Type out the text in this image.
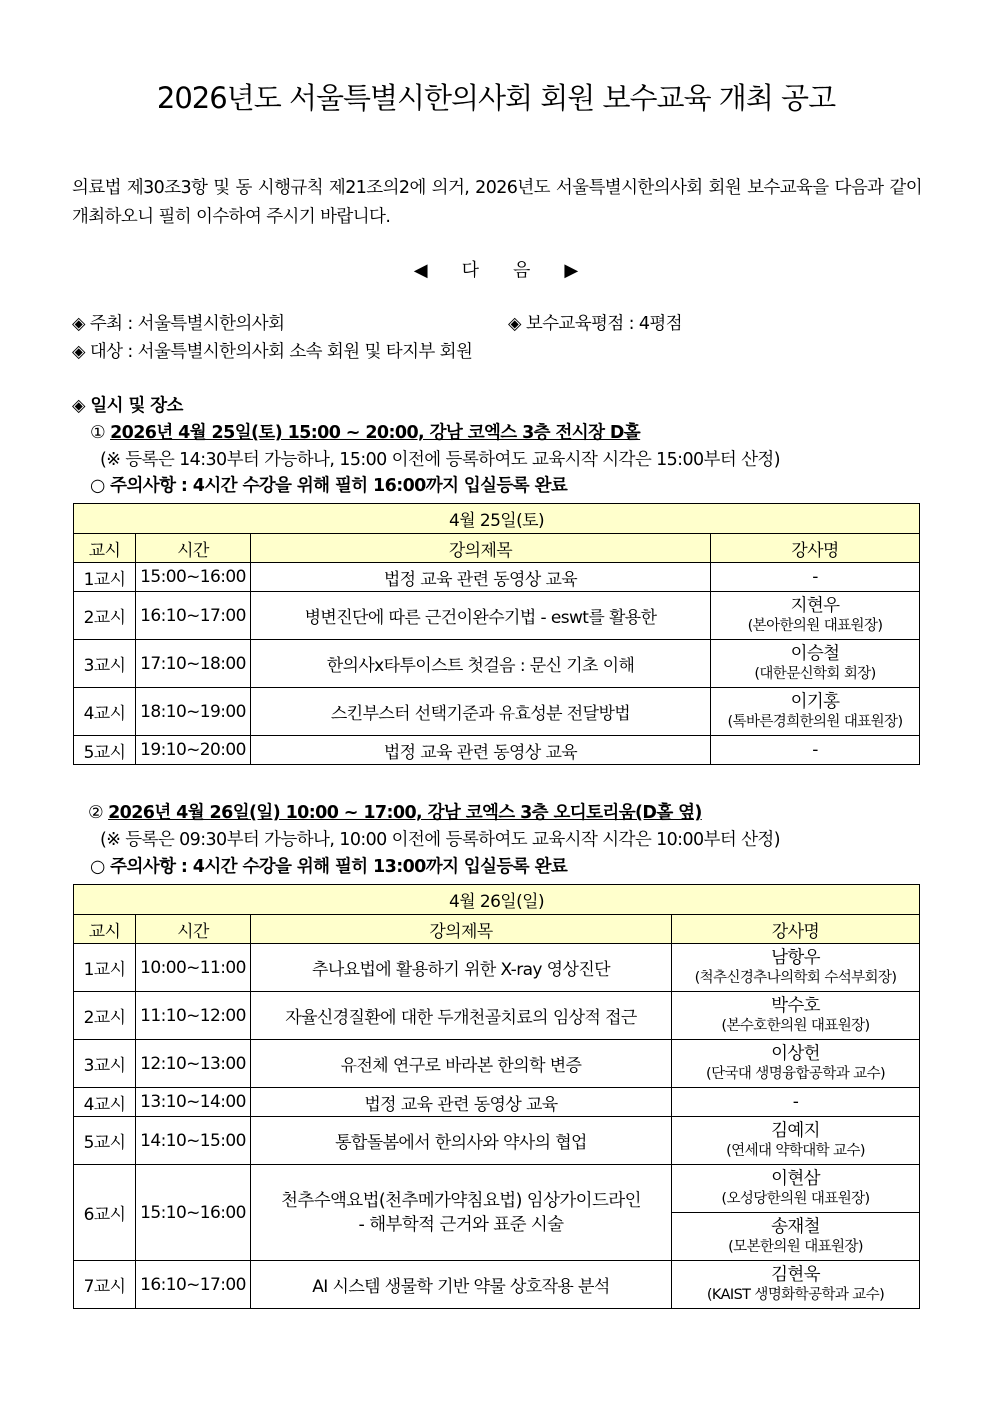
2026년도 서울특별시한의사회 회원 보수교육 개최 공고
의료법 제30조3항 및 동 시행규칙 제21조의2에 의거, 2026년도 서울특별시한의사회 회원 보수교육을 다음과 같이 개최하오니 필히 이수하여 주시기 바랍니다.
◀ 다 음 ▶
◈ 주최 : 서울특별시한의사회	◈ 보수교육평점 : 4평점
◈ 대상 : 서울특별시한의사회 소속 회원 및 타지부 회원
◈ 일시 및 장소
① 2026년 4월 25일(토) 15:00 ~ 20:00, 강남 코엑스 3층 전시장 D홀
(※ 등록은 14:30부터 가능하나, 15:00 이전에 등록하여도 교육시작 시각은 15:00부터 산정)
○ 주의사항 : 4시간 수강을 위해 필히 16:00까지 입실등록 완료
4월 25일(토)			
교시	시간	강의제목	강사명
1교시	15:00~16:00	법정 교육 관련 동영상 교육	-
2교시	16:10~17:00	병변진단에 따른 근건이완수기법 - eswt를 활용한	지현우
(본아한의원 대표원장)

3교시	17:10~18:00	한의사x타투이스트 첫걸음 : 문신 기초 이해	이승철
(대한문신학회 회장)

4교시	18:10~19:00	스킨부스터 선택기준과 유효성분 전달방법	이기홍
(톡바른경희한의원 대표원장)

5교시	19:10~20:00	법정 교육 관련 동영상 교육	-
② 2026년 4월 26일(일) 10:00 ~ 17:00, 강남 코엑스 3층 오디토리움(D홀 옆)
(※ 등록은 09:30부터 가능하나, 10:00 이전에 등록하여도 교육시작 시각은 10:00부터 산정)
○ 주의사항 : 4시간 수강을 위해 필히 13:00까지 입실등록 완료
4월 26일(일)			
교시	시간	강의제목	강사명
1교시	10:00~11:00	추나요법에 활용하기 위한 X-ray 영상진단	남항우
(척추신경추나의학회 수석부회장)

2교시	11:10~12:00	자율신경질환에 대한 두개천골치료의 임상적 접근	박수호
(본수호한의원 대표원장)

3교시	12:10~13:00	유전체 연구로 바라본 한의학 변증	이상헌
(단국대 생명융합공학과 교수)

4교시	13:10~14:00	법정 교육 관련 동영상 교육	-
5교시	14:10~15:00	통합돌봄에서 한의사와 약사의 협업	김예지
(연세대 약학대학 교수)

6교시	15:10~16:00	천추수액요법(천추메가약침요법) 임상가이드라인
- 해부학적 근거와 표준 시술	이현삼
(오성당한의원 대표원장)

			송재철
(모본한의원 대표원장)

7교시	16:10~17:00	AI 시스템 생물학 기반 약물 상호작용 분석	김현욱
(KAIST 생명화학공학과 교수)
